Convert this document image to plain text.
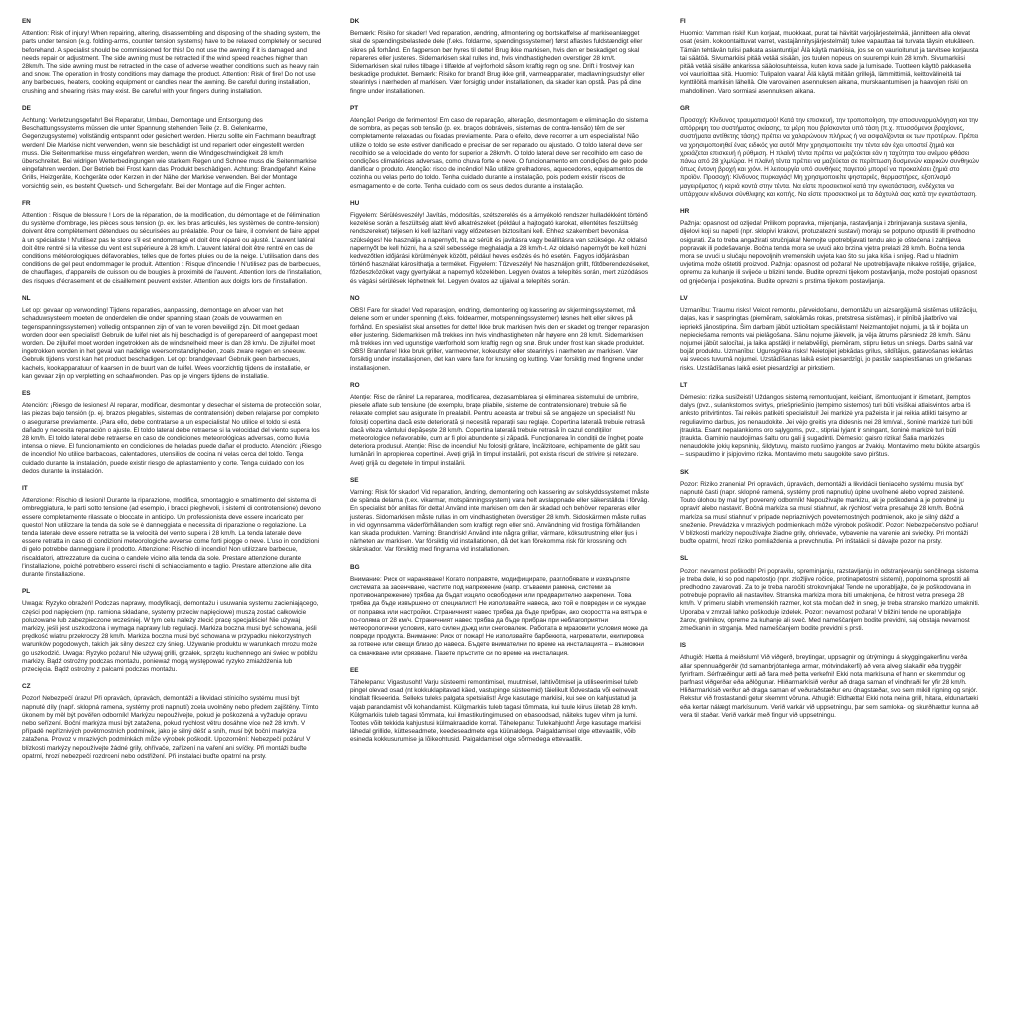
EN

Attention: Risk of injury! When repairing, altering, disassembling and disposing of the shading system, the parts under tension (e.g. folding-arms, counter tension systems) have to be relaxed completely or secured beforehand. A specialist should be commissioned for this! Do not use the awning if it is damaged and needs repair or adjustment. The side awning must be retracted if the wind speed reaches higher than 28km/h. The side awning must be retracted in the case of adverse weather conditions such as heavy rain and snow. The operation in frosty conditions may damage the product. Attention: Risk of fire! Do not use any barbecues, heaters, cooking equipment or candles near the awning. Be careful during installation, crushing and shearing risks may exist. Be careful with your fingers during installation.

DE

Achtung: Verletzungsgefahr! Bei Reparatur, Umbau, Demontage und Entsorgung des Beschattungssystems müssen die unter Spannung stehenden Teile (z. B. Gelenkarme, Gegenzugsysteme) vollständig entspannt oder gesichert werden. Hierzu sollte ein Fachmann beauftragt werden! Die Markise nicht verwenden, wenn sie beschädigt ist und repariert oder eingestellt werden muss. Die Seitenmarkise muss eingefahren werden, wenn die Windgeschwindigkeit 28 km/h überschreitet. Bei widrigen Wetterbedingungen wie starkem Regen und Schnee muss die Seitenmarkise eingefahren werden. Der Betrieb bei Frost kann das Produkt beschädigen. Achtung: Brandgefahr! Keine Grills, Heizgeräte, Kochgeräte oder Kerzen in der Nähe der Markise verwenden. Bei der Montage vorsichtig sein, es besteht Quetsch- und Schergefahr. Bei der Montage auf die Finger achten.

FR

Attention : Risque de blessure ! Lors de la réparation, de la modification, du démontage et de l'élimination du système d'ombrage, les pièces sous tension (p. ex. les bras articulés, les systèmes de contre-tension) doivent être complètement détendues ou sécurisées au préalable. Pour ce faire, il convient de faire appel à un spécialiste ! N'utilisez pas le store s'il est endommagé et doit être réparé ou ajusté. L'auvent latéral doit être rentré si la vitesse du vent est supérieure à 28 km/h. L'auvent latéral doit être rentré en cas de conditions météorologiques défavorables, telles que de fortes pluies ou de la neige. L'utilisation dans des conditions de gel peut endommager le produit. Attention : Risque d'incendie ! N'utilisez pas de barbecues, de chauffages, d'appareils de cuisson ou de bougies à proximité de l'auvent. Attention lors de l'installation, des risques d'écrasement et de cisaillement peuvent exister. Attention aux doigts lors de l'installation.

NL

Let op: gevaar op verwonding! Tijdens reparaties, aanpassing, demontage en afvoer van het schaduwsysteem moeten de onderdelen die onder spanning staan (zoals de vouwarmen en tegenspanningssystemen) volledig ontspannen zijn of van te voren beveiligd zijn. Dit moet gedaan worden door een specialist! Gebruik de luifel niet als hij beschadigd is of gerepareerd of aangepast moet worden. De zijluifel moet worden ingetrokken als de windsnelheid meer is dan 28 km/u. De zijluifel moet ingetrokken worden in het geval van nadelige weersomstandigheden, zoals zware regen en sneeuw. Gebruik tijdens vorst kan het product beschadigen. Let op: brandgevaar! Gebruik geen barbecues, kachels, kookapparatuur of kaarsen in de buurt van de luifel. Wees voorzichtig tijdens de installatie, er kan gevaar zijn op verpletting en schaafwonden. Pas op je vingers tijdens de installatie.

ES

Atención: ¡Riesgo de lesiones! Al reparar, modificar, desmontar y desechar el sistema de protección solar, las piezas bajo tensión (p. ej. brazos plegables, sistemas de contratensión) deben relajarse por completo o asegurarse previamente. ¡Para ello, debe contratarse a un especialista! No utilice el toldo si está dañado y necesita reparación o ajuste. El toldo lateral debe retraerse si la velocidad del viento supera los 28 km/h. El toldo lateral debe retraerse en caso de condiciones meteorológicas adversas, como lluvia intensa o nieve. El funcionamiento en condiciones de heladas puede dañar el producto. Atención: ¡Riesgo de incendio! No utilice barbacoas, calentadores, utensilios de cocina ni velas cerca del toldo. Tenga cuidado durante la instalación, puede existir riesgo de aplastamiento y corte. Tenga cuidado con los dedos durante la instalación.

IT

Attenzione: Rischio di lesioni! Durante la riparazione, modifica, smontaggio e smaltimento del sistema di ombreggiatura, le parti sotto tensione (ad esempio, i bracci pieghevoli, i sistemi di controtensione) devono essere completamente rilassate o bloccate in anticipo. Un professionista deve essere incaricato per questo! Non utilizzare la tenda da sole se è danneggiata e necessita di riparazione o regolazione. La tenda laterale deve essere retratta se la velocità del vento supera i 28 km/h. La tenda laterale deve essere retratta in caso di condizioni meteorologiche avverse come forti piogge o neve. L'uso in condizioni di gelo potrebbe danneggiare il prodotto. Attenzione: Rischio di incendio! Non utilizzare barbecue, riscaldatori, attrezzature da cucina o candele vicino alla tenda da sole. Prestare attenzione durante l'installazione, poiché potrebbero esserci rischi di schiacciamento e taglio. Prestare attenzione alle dita durante l'installazione.

PL

Uwaga: Ryzyko obrażeń! Podczas naprawy, modyfikacji, demontażu i usuwania systemu zacieniającego, części pod napięciem (np. ramiona składane, systemy przeciw napięciowe) muszą zostać całkowicie poluzowane lub zabezpieczone wcześniej. W tym celu należy zlecić pracę specjaliście! Nie używaj markizy, jeśli jest uszkodzona i wymaga naprawy lub regulacji. Markiza boczna musi być schowana, jeśli prędkość wiatru przekroczy 28 km/h. Markiza boczna musi być schowana w przypadku niekorzystnych warunków pogodowych, takich jak silny deszcz czy śnieg. Używanie produktu w warunkach mrozu może go uszkodzić. Uwaga: Ryzyko pożaru! Nie używaj grilli, grzałek, sprzętu kuchennego ani świec w pobliżu markizy. Bądź ostrożny podczas montażu, ponieważ mogą występować ryzyko zmiażdżenia lub przecięcia. Bądź ostrożny z palcami podczas montażu.

CZ

Pozor! Nebezpečí úrazu! Při opravách, úpravách, demontáži a likvidaci stínicího systému musí být napnuté díly (např. sklopná ramena, systémy proti napnutí) zcela uvolněny nebo předem zajištěny. Tímto úkonem by měl být pověřen odborník! Markýzu nepoužívejte, pokud je poškozená a vyžaduje opravu nebo seřízení. Boční markýza musí být zatažena, pokud rychlost větru dosáhne více než 28 km/h. V případě nepříznivých povětrnostních podmínek, jako je silný déšť a sníh, musí být boční markýza zatažena. Provoz v mrazivých podmínkách může výrobek poškodit. Upozornění: Nebezpečí požáru! V blízkosti markýzy nepoužívejte žádné grily, ohřívače, zařízení na vaření ani svíčky. Při montáži buďte opatrní, hrozí nebezpečí rozdrcení nebo odstřižení. Při instalaci buďte opatrní na prsty.

DK

Bemærk: Risiko for skader! Ved reparation, ændring, afmontering og bortskaffelse af markiseanlægget skal de spændingsbelastede dele (f.eks. foldarme, spændingssystemer) først aflastes fuldstændigt eller sikres på forhånd. En fagperson bør hyres til dette! Brug ikke markisen, hvis den er beskadiget og skal repareres eller justeres. Sidemarkisen skal rulles ind, hvis vindhastigheden overstiger 28 km/t. Sidemarkisen skal rulles tilbage i tilfælde af vejrforhold såsom kraftig regn og sne. Drift i frostvejr kan beskadige produktet. Bemærk: Risiko for brand! Brug ikke grill, varmeapparater, madlavningsudstyr eller stearinlys i nærheden af markisen. Vær forsigtig under installationen, da skader kan opstå. Pas på dine fingre under installationen.

PT

Atenção! Perigo de ferimentos! Em caso de reparação, alteração, desmontagem e eliminação do sistema de sombra, as peças sob tensão (p. ex. braços dobráveis, sistemas de contra-tensão) têm de ser completamente relaxadas ou fixadas previamente. Para o efeito, deve recorrer a um especialista! Não utilize o toldo se este estiver danificado e precisar de ser reparado ou ajustado. O toldo lateral deve ser recolhido se a velocidade do vento for superior a 28km/h. O toldo lateral deve ser recolhido em caso de condições climatéricas adversas, como chuva forte e neve. O funcionamento em condições de gelo pode danificar o produto. Atenção: risco de incêndio! Não utilize grelhadores, aquecedores, equipamentos de cozinha ou velas perto do toldo. Tenha cuidado durante a instalação, pois podem existir riscos de esmagamento e de corte. Tenha cuidado com os seus dedos durante a instalação.

HU

Figyelem: Sérülésveszély! Javítás, módosítás, szétszerelés és a árnyékoló rendszer hulladékként történő kezelése során a feszültség alatt lévő alkatrészeket (például a hajtogató karokat, ellentétes feszültség rendszereket) teljesen ki kell lazítani vagy előzetesen biztosítani kell. Ehhez szakembert bevonása szükséges! Ne használja a napernyőt, ha az sérült és javításra vagy beállításra van szüksége. Az oldalsó napernyőt be kell húzni, ha a szél sebessége meghaladja a 28 km/h-t. Az oldalsó napernyőt be kell húzni kedvezőtlen időjárási körülmények között, például heves esőzés és hó esetén. Fagyos időjárásban történő használat károsíthatja a terméket. Figyelem: Tűzveszély! Ne használjon grillt, fűtőberendezéseket, főzőeszközöket vagy gyertyákat a napernyő közelében. Legyen óvatos a telepítés során, mert zúzódásos és vágási sérülések léphetnek fel. Legyen óvatos az ujjaival a telepítés során.

NO

OBS! Fare for skade! Ved reparasjon, endring, demontering og kassering av skjermingssystemet, må delene som er under spenning (f.eks. foldearmer, motspenningssystemer) løsnes helt eller sikres på forhånd. En spesialist skal ansettes for dette! Ikke bruk markisen hvis den er skadet og trenger reparasjon eller justering. Sidemarkisen må trekkes inn hvis vindhastigheten når høyere enn 28 km/t. Sidemarkisen må trekkes inn ved ugunstige værforhold som kraftig regn og snø. Bruk under frost kan skade produktet. OBS! Brannfare! Ikke bruk griller, varmeovner, kokeutstyr eller stearinlys i nærheten av markisen. Vær forsiktig under installasjonen, det kan være fare for knusing og kutting. Vær forsiktig med fingrene under installasjonen.

RO

Atenție: Risc de rănire! La repararea, modificarea, dezasamblarea și eliminarea sistemului de umbrire, piesele aflate sub tensiune (de exemplu, brațe pliabile, sisteme de contratensionare) trebuie să fie relaxate complet sau asigurate în prealabil. Pentru aceasta ar trebui să se angajeze un specialist! Nu folosiți copertina dacă este deteriorată și necesită reparații sau reglaje. Copertina laterală trebuie retrasă dacă viteza vântului depășește 28 km/h. Copertina laterală trebuie retrasă în cazul condițiilor meteorologice nefavorabile, cum ar fi ploi abundente și zăpadă. Funcționarea în condiții de îngheț poate deteriora produsul. Atenție: Risc de incendiu! Nu folosiți grătare, încălzitoare, echipamente de gătit sau lumânări în apropierea copertinei. Aveți grijă în timpul instalării, pot exista riscuri de strivire și retezare. Aveți grijă cu degetele în timpul instalării.

SE

Varning: Risk för skador! Vid reparation, ändring, demontering och kassering av solskyddssystemet måste de spända delarna (t.ex. vikarmar, motspänningssystem) vara helt avslappnade eller säkerställda i förväg. En specialist bör anlitas för detta! Använd inte markisen om den är skadad och behöver repareras eller justeras. Sidomarkisen måste rullas in om vindhastigheten överstiger 28 km/h. Sidoskärmen måste rullas in vid ogynnsamma väderförhållanden som kraftigt regn eller snö. Användning vid frostiga förhållanden kan skada produkten. Varning: Brandrisk! Använd inte några grillar, värmare, köksutrustning eller ljus i närheten av markisen. Var försiktig vid installationen, då det kan förekomma risk för krossning och skärskador. Var försiktig med fingrarna vid installationen.

BG

Внимание: Риск от нараняване! Когато поправяте, модифицирате, разглобявате и изхвърляте системата за засенчване, частите под напрежение (напр. сгъваеми рамена, системи за противонапрежение) трябва да бъдат изцяло освободени или предварително закрепени. Това трябва да бъде извършено от специалист! Не използвайте навеса, ако той е повреден и се нуждае от поправка или настройки. Страничният навес трябва да бъде прибран, ако скоростта на вятъра е по-голяма от 28 км/ч. Страничният навес трябва да бъде прибран при неблагоприятни метеорологични условия, като силен дъжд или снеговалеж. Работата в мразовити условия може да повреди продукта. Внимание: Риск от пожар! Не използвайте барбекюта, нагреватели, екипировка за готвене или свещи близо до навеса. Бъдете внимателни по време на инсталацията – възможни са смачкване или срязване. Пазете пръстите си по време на инсталация.

EE

Tähelepanu: Vigastusoht! Varju süsteemi remontimisel, muutmisel, lahtivõtmisel ja utiliseerimisel tuleb pingel olevad osad (nt kokkuklapitavad käed, vastupinge süsteemid) täielikult lõdvestada või eelnevalt kindlalt fikseerida. Selleks tuleks palgata spetsialist! Ärge kasutage markiisi, kui see on kahjustatud ja vajab parandamist või kohandamist. Külgmarkiis tuleb tagasi tõmmata, kui tuule kiirus ületab 28 km/h. Külgmarkiis tuleb tagasi tõmmata, kui ilmastikutingimused on ebasoodsad, näiteks tugev vihm ja lumi. Tootes võib tekkida kahjustusi külmakraadide korral. Tähelepanu: Tulekahjuoht! Ärge kasutage markiisi lähedal grillide, kütteseadmete, keedeseadmete ega küünaldega. Paigaldamisel olge ettevaatlik, võib esineda kokkusurumise ja lõikeohtusid. Paigaldamisel olge sõrmedega ettevaatlik.

FI

Huomio: Vamman riski! Kun korjaat, muokkaat, purat tai hävität varjojärjestelmää, jännitteen alla olevat osat (esim. kokoontaittuvat varret, vastajännitysjärjestelmät) tulee vapauttaa tai turvata täysin etukäteen. Tämän tehtävän tulisi palkata asiantuntija! Älä käytä markiisia, jos se on vaurioitunut ja tarvitsee korjausta tai säätöä. Sivumarkiisi pitää vetää sisään, jos tuulen nopeus on suurempi kuin 28 km/h. Sivumarkiisi pitää vetää sisälle ankarissa sääolosuhteissa, kuten kova sade ja lumisade. Tuotteen käyttö pakkasella voi vaurioittaa sitä. Huomio: Tulipalon vaara! Älä käytä mitään grillejä, lämmittimiä, keittovälineitä tai kynttilöitä markiisin lähellä. Ole varovainen asennuksen aikana, murskaantumisen ja haavojen riski on mahdollinen. Varo sormiasi asennuksen aikana.

GR

Προσοχή: Κίνδυνος τραυματισμού! Κατά την επισκευή, την τροποποίηση, την αποσυναρμολόγηση και την απόρριψη του συστήματος σκίασης, τα μέρη που βρίσκονται υπό τάση (π.χ. πτυσσόμενοι βραχίονες, συστήματα αντίθετης τάσης) πρέπει να χαλαρώνουν πλήρως ή να ασφαλίζονται εκ των προτέρων. Πρέπει να χρησιμοποιηθεί ένας ειδικός για αυτό! Μην χρησιμοποιείτε την τέντα εάν έχει υποστεί ζημιά και χρειάζεται επισκευή ή ρύθμιση. Η πλαϊνή τέντα πρέπει να μαζεύεται εάν η ταχύτητα του ανέμου φθάσει πάνω από 28 χλμ/ώρα. Η πλαϊνή τέντα πρέπει να μαζεύεται σε περίπτωση δυσμενών καιρικών συνθηκών όπως έντονη βροχή και χιόνι. Η λειτουργία υπό συνθήκες παγετού μπορεί να προκαλέσει ζημιά στο προϊόν. Προσοχή: Κίνδυνος πυρκαγιάς! Μη χρησιμοποιείτε ψησταριές, θερμαστήρες, εξοπλισμό μαγειρέματος ή κεριά κοντά στην τέντα. Να είστε προσεκτικοί κατά την εγκατάσταση, ενδέχεται να υπάρχουν κίνδυνοι σύνθλιψης και κοπής. Να είστε προσεκτικοί με τα δάχτυλά σας κατά την εγκατάσταση.

HR

Pažnja: opasnost od ozljeda! Prilikom popravka, mijenjanja, rastavljanja i zbrinjavanja sustava sjenila, dijelovi koji su napeti (npr. sklopivi krakovi, protuzatezni sustavi) moraju se potpuno otpustiti ili prethodno osigurati. Za to treba angažirati stručnjaka! Nemojte upotrebljavati tendu ako je oštećena i zahtijeva popravak ili podešavanje. Bočna tenda mora se uvući ako brzina vjetra prelazi 28 km/h. Bočna tenda mora se uvući u slučaju nepovoljnih vremenskih uvjeta kao što su jaka kiša i snijeg. Rad u hladnim uvjetima može oštetiti proizvod. Pažnja: opasnost od požara! Ne upotrebljavajte nikakve roštilje, grijalice, opremu za kuhanje ili svijeće u blizini tende. Budite oprezni tijekom postavljanja, može postojati opasnost od gnječenja i posjekotina. Budite oprezni s prstima tijekom postavljanja.

LV

Uzmanību: Traumu risks! Veicot remontu, pārveidošanu, demontāžu un aizsargājumā sistēmas utilizāciju, daļas, kas ir saspringtas (piemēram, salokāmās rokas, pretstresa sistēmas), ir pilnībā jāatbrīvo vai iepriekš jānostiprina. Šim darbam jābūt uzticētam speciālistam! Neizmantojiet nojumi, ja tā ir bojāta un nepieciešama remonts vai pielāgošana. Sānu nojume jāievelk, ja vēja ātrums pārsniedz 28 km/h. Sānu nojumei jābūt salocītai, ja laika apstākļi ir nelabvēlīgi, piemēram, stipru lietus un sniegs. Darbs salnā var bojāt produktu. Uzmanību: Ugunsgrēka risks! Neietojiet jebkādas grilus, sildītājus, gatavošanas iekārtas vai sveces tuvumā nojumei. Uzstādīšanas laikā esiet piesardzīgi, jo pastāv saspiestšanas un griešanas risks. Uzstādīšanas laikā esiet piesardzīgi ar pirkstiem.

LT

Dėmesio: rizika susižeisti! Uždangos sistemą remontuojant, keičiant, išmontuojant ir išmetant, įtemptos dalys (pvz., sulankstomos svirtys, priešpriešinio įtempimo sistemos) turi būti visiškai atlaisvintos arba iš anksto pritvirtintos. Tai reikės patikėti specialistui! Jei markizė yra pažeista ir jai reikia atlikti taisymo ar reguliavimo darbus, jos nenaudokite. Jei vėjo greitis yra didesnis nei 28 km/val., šoninė markizė turi būti įtraukta. Esant nepalankioms oro sąlygoms, pvz., stipriai lyjant ir sningant, šoninė markizė turi būti įtraukta. Gaminio naudojimas šaltu oru gali jį sugadinti. Dėmesio: gaisro rizika! Šalia markizės nenaudokite jokių kepsninių, šildytuvų, maisto ruošimo įrangos ar žvakių. Montavimo metu būkite atsargūs – suspaudimo ir įsipjovimo rizika. Montavimo metu saugokite savo pirštus.

SK

Pozor: Riziko zranenia! Pri opravách, úpravách, demontáži a likvidácii tieniaceho systému musia byť napnuté časti (napr. sklopné ramená, systémy proti napnutiu) úplne uvoľnené alebo vopred zaistené. Touto úlohou by mal byť poverený odborník! Nepoužívajte markízu, ak je poškodená a je potrebné ju opraviť alebo nastaviť. Bočná markíza sa musí stiahnuť, ak rýchlosť vetra presahuje 28 km/h. Bočná markíza sa musí stiahnuť v prípade nepriaznivých poveternostných podmienok, ako je silný dážď a sneženie. Prevádzka v mrazivých podmienkach môže výrobok poškodiť. Pozor: Nebezpečenstvo požiaru! V blízkosti markízy nepoužívajte žiadne grily, ohrievače, vybavenie na varenie ani sviečky. Pri montáži buďte opatrní, hrozí riziko pomliaždenia a prevchnutia. Pri inštalácii si dávajte pozor na prsty.

SL

Pozor: nevarnost poškodb! Pri popravilu, spreminjanju, razstavljanju in odstranjevanju senčilnega sistema je treba dele, ki so pod napetostjo (npr. zložljive ročice, protinapetostni sistemi), popolnoma sprostiti ali predhodno zavarovati. Za to je treba naročiti strokovnjaka! Tende ne uporabljajte, če je poškodovana in potrebuje popravilo ali nastavitev. Stranska markiza mora biti umaknjena, če hitrost vetra presega 28 km/h. V primeru slabih vremenskih razmer, kot sta močan dež in sneg, je treba stransko markizo umakniti. Uporaba v zmrzali lahko poškoduje izdelek. Pozor: nevarnost požara! V bližini tende ne uporabljajte žarov, grelnikov, opreme za kuhanje ali sveč. Med nameščanjem bodite previdni, saj obstaja nevarnost zmečkanin in strganja. Med nameščanjem bodite previdni s prsti.

IS

Athugið: Hætta á meiðslum! Við viðgerð, breytingar, uppsagnir og útrýmingu á skyggingakerfinu verða allar spennuaðgerðir (td samanbrjótanlega armar, mótvindakerfi) að vera alveg slakaðir eða tryggðir fyrirfram. Sérfræðingur ætti að fara með þetta verkefni! Ekki nota markísuna ef hann er skemmdur og þarfnast viðgerðar eða aðlögunar. Hliðarmarkísið verður að draga saman ef vindhraði fer yfir 28 km/h. Hliðarmarkísið verður að draga saman ef veðuraðstæður eru óhagstæðar, svo sem mikill rigning og snjór. Rekstur við frostastandi getur skemmt vöruna. Athugið: Eldhætta! Ekki nota neina grill, hitara, eldunartæki eða kertar nálægt markísunum. Verið varkár við uppsetningu, þar sem samloka- og skurðhættur kunna að vera til staðar. Verið varkár með fingur við uppsetningu.
